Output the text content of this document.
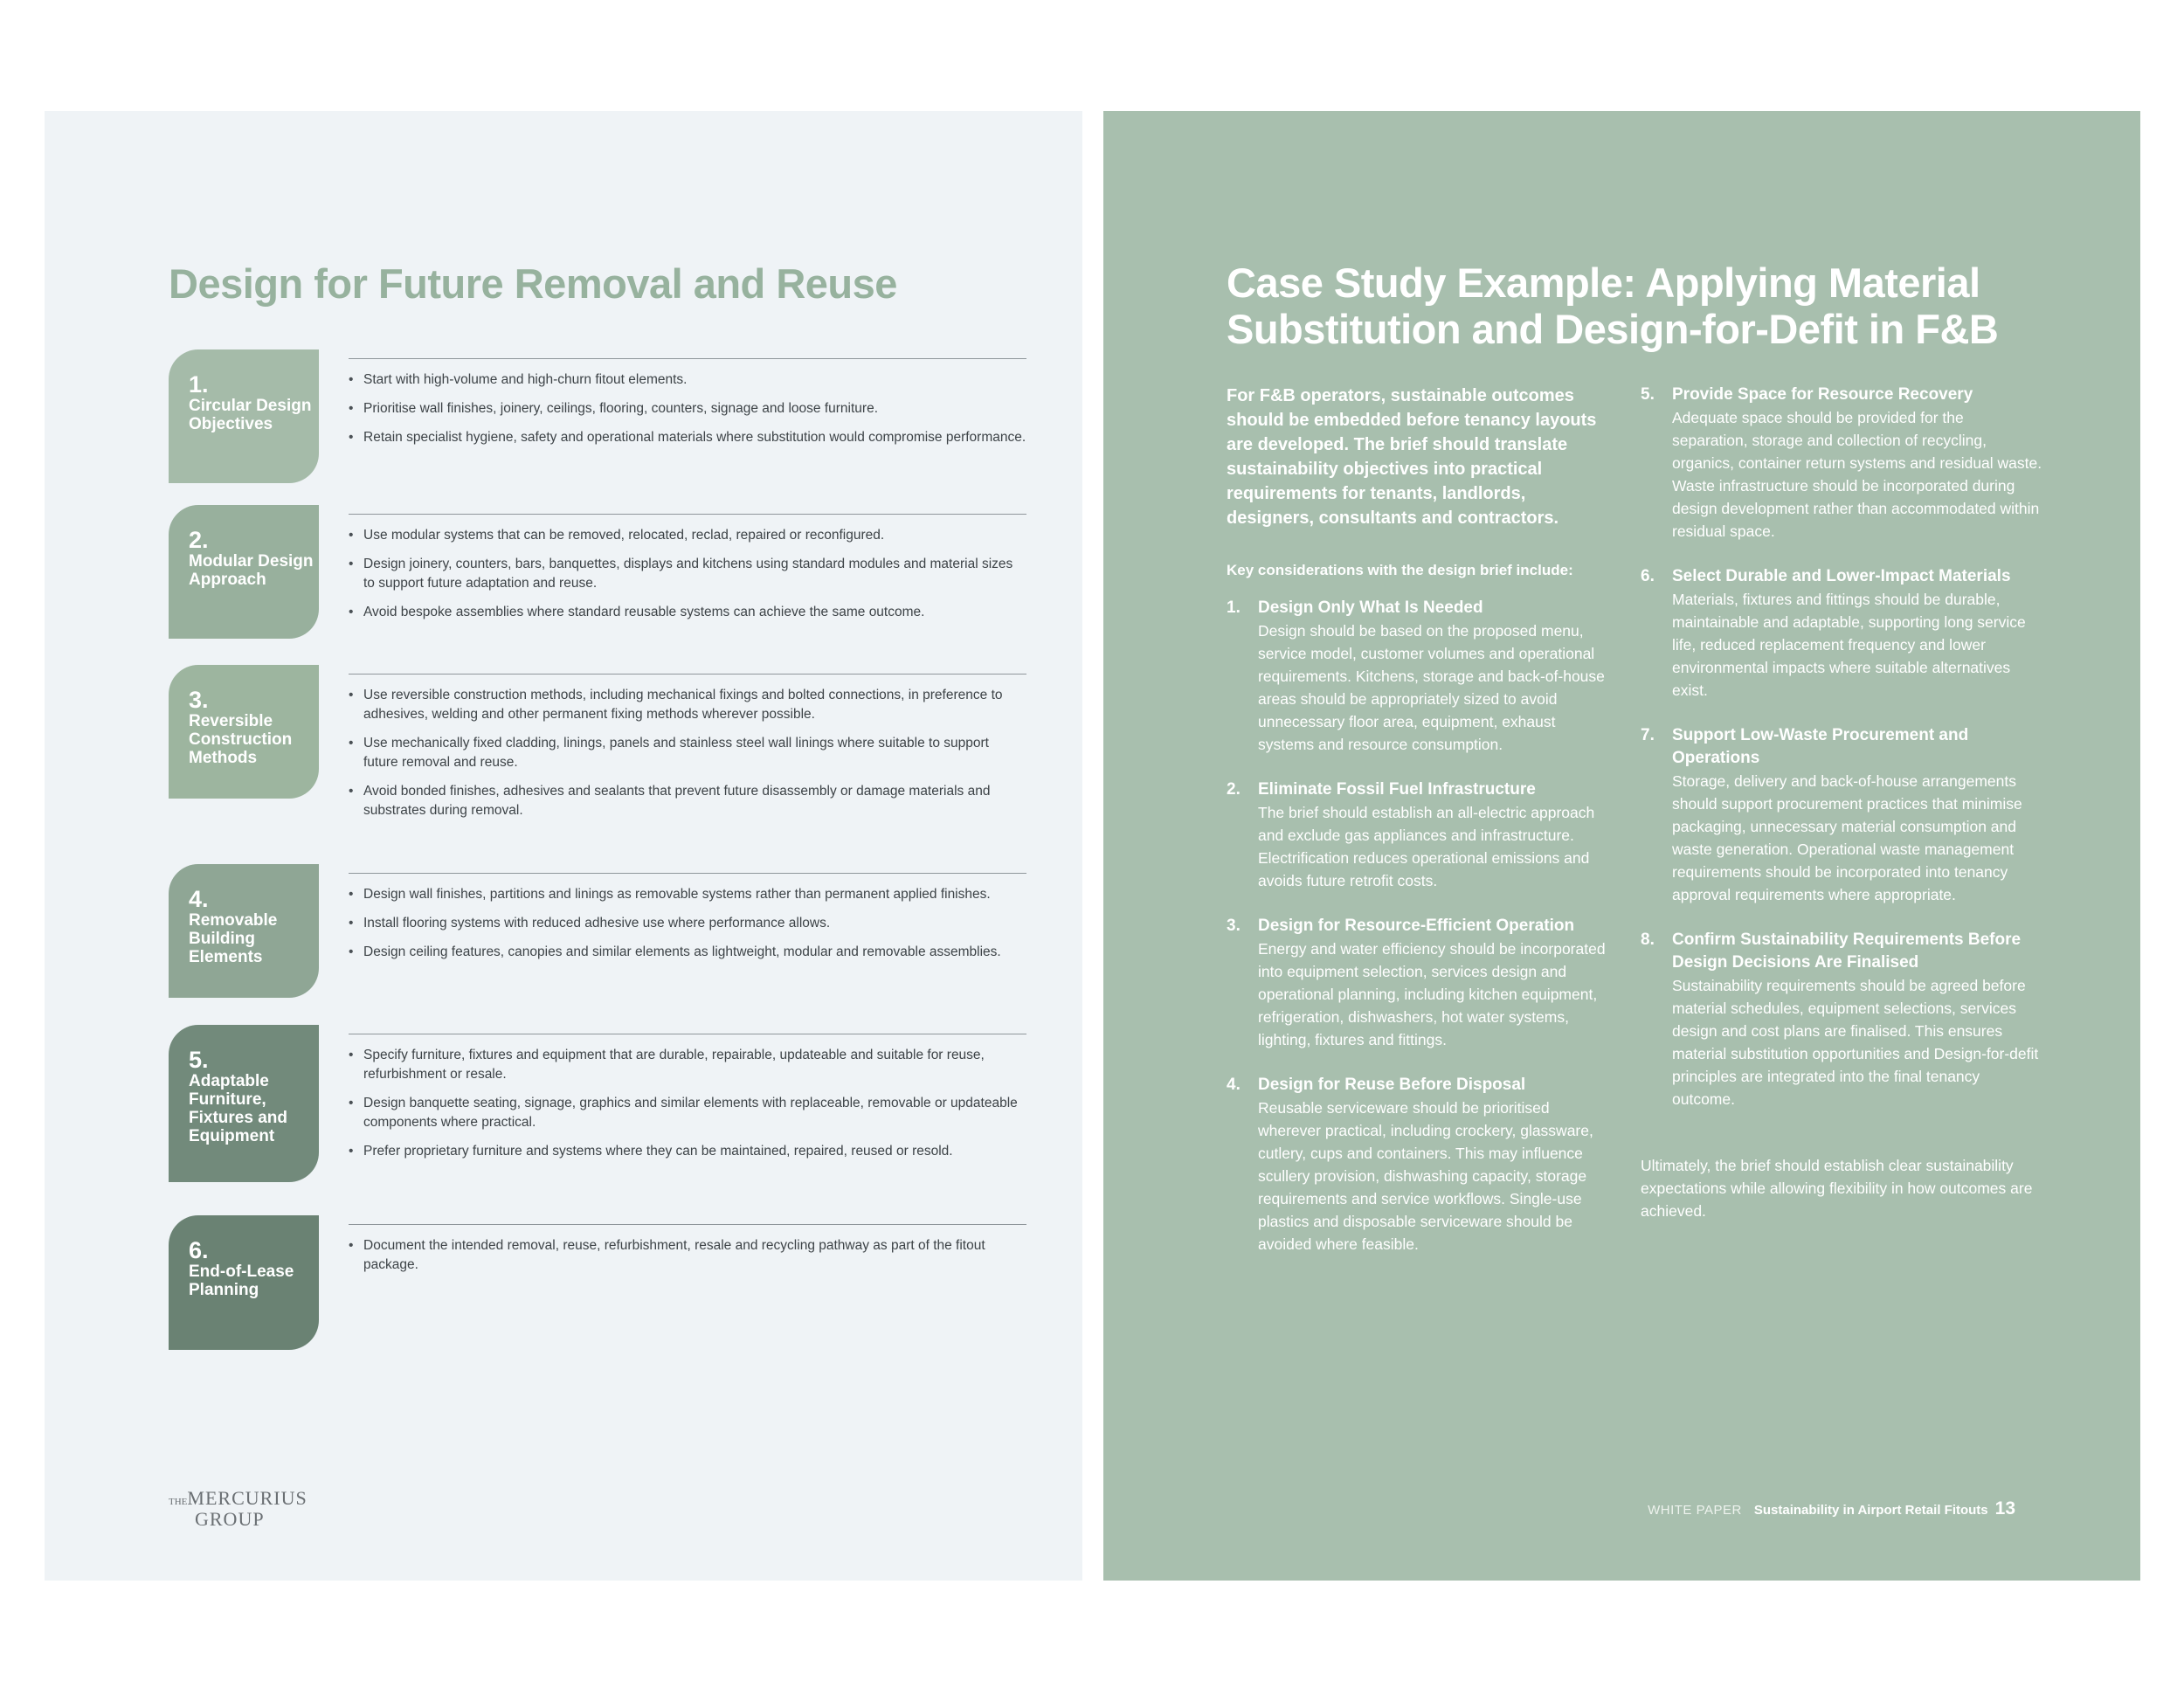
Design for Future Removal and Reuse
1.
Circular Design Objectives
• Start with high-volume and high-churn fitout elements.
• Prioritise wall finishes, joinery, ceilings, flooring, counters, signage and loose furniture.
• Retain specialist hygiene, safety and operational materials where substitution would compromise performance.
2.
Modular Design Approach
• Use modular systems that can be removed, relocated, reclad, repaired or reconfigured.
• Design joinery, counters, bars, banquettes, displays and kitchens using standard modules and material sizes to support future adaptation and reuse.
• Avoid bespoke assemblies where standard reusable systems can achieve the same outcome.
3.
Reversible Construction Methods
• Use reversible construction methods, including mechanical fixings and bolted connections, in preference to adhesives, welding and other permanent fixing methods wherever possible.
• Use mechanically fixed cladding, linings, panels and stainless steel wall linings where suitable to support future removal and reuse.
• Avoid bonded finishes, adhesives and sealants that prevent future disassembly or damage materials and substrates during removal.
4.
Removable Building Elements
• Design wall finishes, partitions and linings as removable systems rather than permanent applied finishes.
• Install flooring systems with reduced adhesive use where performance allows.
• Design ceiling features, canopies and similar elements as lightweight, modular and removable assemblies.
5.
Adaptable Furniture, Fixtures and Equipment
• Specify furniture, fixtures and equipment that are durable, repairable, updateable and suitable for reuse, refurbishment or resale.
• Design banquette seating, signage, graphics and similar elements with replaceable, removable or updateable components where practical.
• Prefer proprietary furniture and systems where they can be maintained, repaired, reused or resold.
6.
End-of-Lease Planning
• Document the intended removal, reuse, refurbishment, resale and recycling pathway as part of the fitout package.
THEMERCURIUS
GROUP
Case Study Example: Applying Material Substitution and Design-for-Defit in F&B

For F&B operators, sustainable outcomes should be embedded before tenancy layouts are developed. The brief should translate sustainability objectives into practical requirements for tenants, landlords, designers, consultants and contractors.

Key considerations with the design brief include:

1. Design Only What Is Needed

Design should be based on the proposed menu, service model, customer volumes and operational requirements. Kitchens, storage and back-of-house areas should be appropriately sized to avoid unnecessary floor area, equipment, exhaust systems and resource consumption.

2. Eliminate Fossil Fuel Infrastructure

The brief should establish an all-electric approach and exclude gas appliances and infrastructure. Electrification reduces operational emissions and avoids future retrofit costs.

3. Design for Resource-Efficient Operation

Energy and water efficiency should be incorporated into equipment selection, services design and operational planning, including kitchen equipment, refrigeration, dishwashers, hot water systems, lighting, fixtures and fittings.

4. Design for Reuse Before Disposal

Reusable serviceware should be prioritised wherever practical, including crockery, glassware, cutlery, cups and containers. This may influence scullery provision, dishwashing capacity, storage requirements and service workflows. Single-use plastics and disposable serviceware should be avoided where feasible.

5. Provide Space for Resource Recovery

Adequate space should be provided for the separation, storage and collection of recycling, organics, container return systems and residual waste. Waste infrastructure should be incorporated during design development rather than accommodated within residual space.

6. Select Durable and Lower-Impact Materials

Materials, fixtures and fittings should be durable, maintainable and adaptable, supporting long service life, reduced replacement frequency and lower environmental impacts where suitable alternatives exist.

7. Support Low-Waste Procurement and Operations

Storage, delivery and back-of-house arrangements should support procurement practices that minimise packaging, unnecessary material consumption and waste generation. Operational waste management requirements should be incorporated into tenancy approval requirements where appropriate.

8. Confirm Sustainability Requirements Before Design Decisions Are Finalised

Sustainability requirements should be agreed before material schedules, equipment selections, services design and cost plans are finalised. This ensures material substitution opportunities and Design-for-defit principles are integrated into the final tenancy outcome.

Ultimately, the brief should establish clear sustainability expectations while allowing flexibility in how outcomes are achieved.

WHITE PAPER Sustainability in Airport Retail Fitouts 13
